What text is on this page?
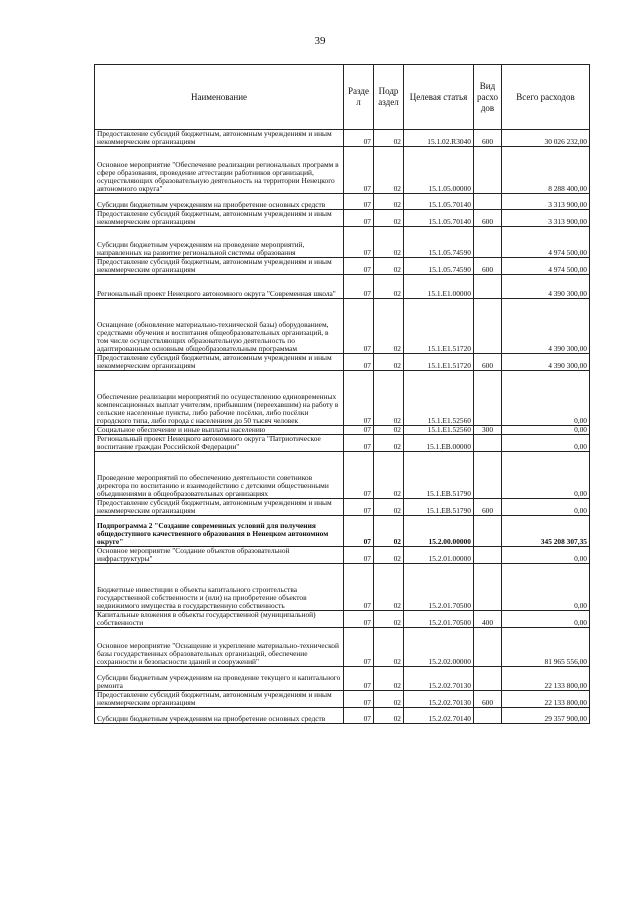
39
Наименование	Разде л	Подр аздел	Целевая статья	Вид расхо дов	Всего расходов
Предоставление субсидий бюджетным, автономным учреждениям и иным некоммерческим организациям	07	02	15.1.02.R3040	600	30 026 232,00
Основное мероприятие "Обеспечение реализации региональных программ в сфере образования, проведение аттестации работников организаций, осуществляющих образовательную деятельность на территории Ненецкого автономного округа"	07	02	15.1.05.00000		8 288 400,00
Субсидии бюджетным учреждениям на приобретение основных средств	07	02	15.1.05.70140		3 313 900,00
Предоставление субсидий бюджетным, автономным учреждениям и иным некоммерческим организациям	07	02	15.1.05.70140	600	3 313 900,00
Субсидии бюджетным учреждениям на проведение мероприятий, направленных на развитие региональной системы образования	07	02	15.1.05.74590		4 974 500,00
Предоставление субсидий бюджетным, автономным учреждениям и иным некоммерческим организациям	07	02	15.1.05.74590	600	4 974 500,00
Региональный проект Ненецкого автономного округа "Современная школа"	07	02	15.1.E1.00000		4 390 300,00
Оснащение (обновление материально-технической базы) оборудованием, средствами обучения и воспитания общеобразовательных организаций, в том числе осуществляющих образовательную деятельность по адаптированным основным общеобразовательным программам	07	02	15.1.E1.51720		4 390 300,00
Предоставление субсидий бюджетным, автономным учреждениям и иным некоммерческим организациям	07	02	15.1.E1.51720	600	4 390 300,00
Обеспечение реализации мероприятий по осуществлению единовременных компенсационных выплат учителям, прибывшим (переехавшим) на работу в сельские населенные пункты, либо рабочие посёлки, либо посёлки городского типа, либо города с населением до 50 тысяч человек	07	02	15.1.E1.52560		0,00
Социальное обеспечение и иные выплаты населению	07	02	15.1.E1.52560	300	0,00
Региональный проект Ненецкого автономного округа "Патриотическое воспитание граждан Российской Федерации"	07	02	15.1.EB.00000		0,00
Проведение мероприятий по обеспечению деятельности советников директора по воспитанию и взаимодействию с детскими общественными объединениями в общеобразовательных организациях	07	02	15.1.EB.51790		0,00
Предоставление субсидий бюджетным, автономным учреждениям и иным некоммерческим организациям	07	02	15.1.EB.51790	600	0,00
Подпрограмма 2 "Создание современных условий для получения общедоступного качественного образования в Ненецком автономном округе"	07	02	15.2.00.00000		345 208 307,35
Основное мероприятие "Создание объектов образовательной инфраструктуры"	07	02	15.2.01.00000		0,00
Бюджетные инвестиции в объекты капитального строительства государственной собственности и (или) на приобретение объектов недвижимого имущества в государственную собственность	07	02	15.2.01.70500		0,00
Капитальные вложения в объекты государственной (муниципальной) собственности	07	02	15.2.01.70500	400	0,00
Основное мероприятие "Оснащение и укрепление материально-технической базы государственных образовательных организаций, обеспечение сохранности и безопасности зданий и сооружений"	07	02	15.2.02.00000		81 965 556,00
Субсидии бюджетным учреждениям на проведение текущего и капитального ремонта	07	02	15.2.02.70130		22 133 800,00
Предоставление субсидий бюджетным, автономным учреждениям и иным некоммерческим организациям	07	02	15.2.02.70130	600	22 133 800,00
Субсидии бюджетным учреждениям на приобретение основных средств	07	02	15.2.02.70140		29 357 900,00
